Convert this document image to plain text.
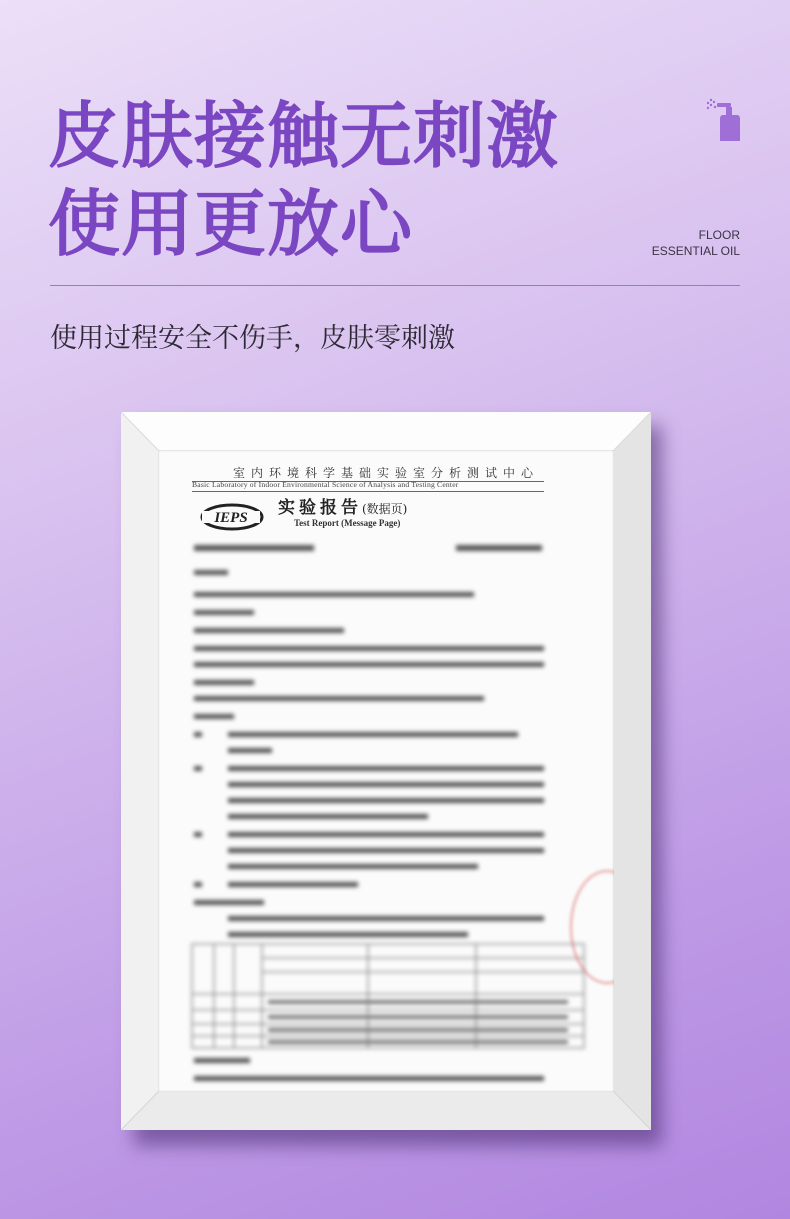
皮肤接触无刺激
使用更放心	FLOOR
ESSENTIAL OIL

使用过程安全不伤手，皮肤零刺激

室内环境科学基础实验室分析测试中心
Basic Laboratory of Indoor Environmental Science of Analysis and Testing Center
IEPS 实验报告(数据页)
Test Report (Message Page)
